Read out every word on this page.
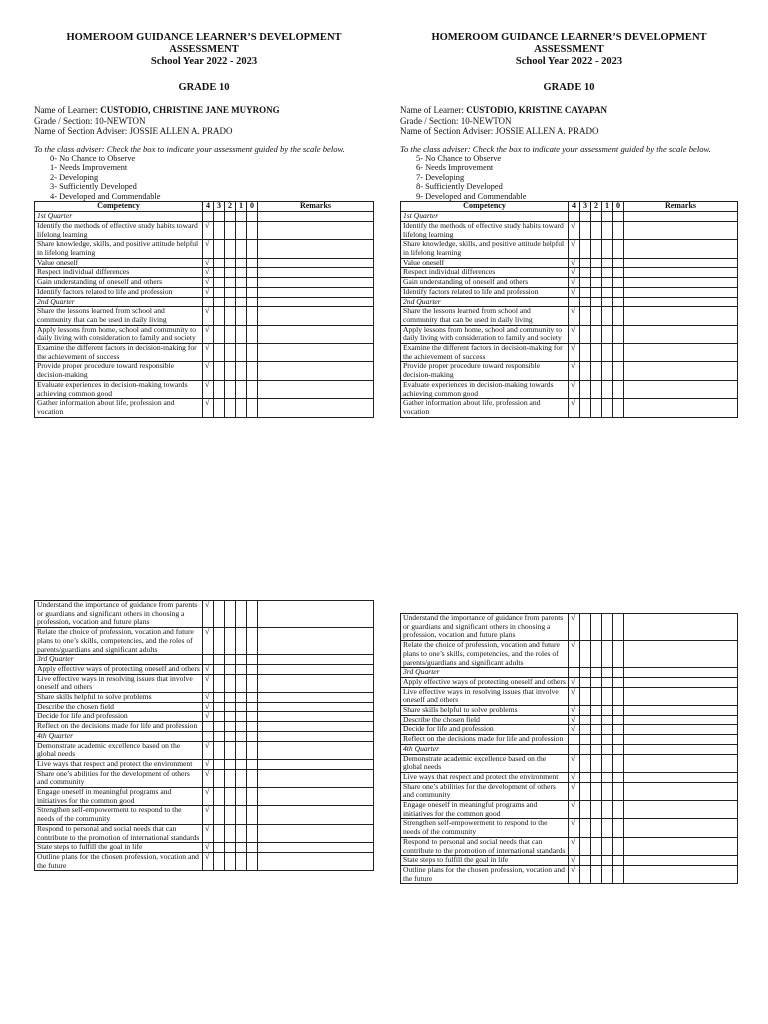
HOMEROOM GUIDANCE LEARNER’S DEVELOPMENT
ASSESSMENT
School Year 2022 - 2023
GRADE 10
Name of Learner: CUSTODIO, CHRISTINE JANE MUYRONG
Grade / Section: 10-NEWTON
Name of Section Adviser: JOSSIE ALLEN A. PRADO
To the class adviser: Check the box to indicate your assessment guided by the scale below.
0- No Chance to Observe
1- Needs Improvement
2- Developing
3- Sufficiently Developed
4- Developed and Commendable
Competency	4	3	2	1	0	Remarks
1st Quarter						
Identify the methods of effective study habits toward lifelong learning	√					
Share knowledge, skills, and positive attitude helpful in lifelong learning	√					
Value oneself	√					
Respect individual differences	√					
Gain understanding of oneself and others	√					
Identify factors related to life and profession	√					
2nd Quarter						
Share the lessons learned from school and community that can be used in daily living	√					
Apply lessons from home, school and community to daily living with consideration to family and society	√					
Examine the different factors in decision-making for the achievement of success	√					
Provide proper procedure toward responsible decision-making	√					
Evaluate experiences in decision-making towards achieving common good	√					
Gather information about life, profession and vocation	√					
HOMEROOM GUIDANCE LEARNER’S DEVELOPMENT
ASSESSMENT
School Year 2022 - 2023
GRADE 10
Name of Learner: CUSTODIO, KRISTINE CAYAPAN
Grade / Section: 10-NEWTON
Name of Section Adviser: JOSSIE ALLEN A. PRADO
To the class adviser: Check the box to indicate your assessment guided by the scale below.
5- No Chance to Observe
6- Needs Improvement
7- Developing
8- Sufficiently Developed
9- Developed and Commendable
Competency	4	3	2	1	0	Remarks
1st Quarter						
Identify the methods of effective study habits toward lifelong learning	√					
Share knowledge, skills, and positive attitude helpful in lifelong learning	√					
Value oneself	√					
Respect individual differences	√					
Gain understanding of oneself and others	√					
Identify factors related to life and profession	√					
2nd Quarter						
Share the lessons learned from school and community that can be used in daily living	√					
Apply lessons from home, school and community to daily living with consideration to family and society	√					
Examine the different factors in decision-making for the achievement of success	√					
Provide proper procedure toward responsible decision-making	√					
Evaluate experiences in decision-making towards achieving common good	√					
Gather information about life, profession and vocation	√					
Understand the importance of guidance from parents or guardians and significant others in choosing a profession, vocation and future plans	√					
Relate the choice of profession, vocation and future plans to one’s skills, competencies, and the roles of parents/guardians and significant adults	√					
3rd Quarter						
Apply effective ways of protecting oneself and others	√					
Live effective ways in resolving issues that involve oneself and others	√					
Share skills helpful to solve problems	√					
Describe the chosen field	√					
Decide for life and profession	√					
Reflect on the decisions made for life and profession						
4th Quarter						
Demonstrate academic excellence based on the global needs	√					
Live ways that respect and protect the environment	√					
Share one’s abilities for the development of others and community	√					
Engage oneself in meaningful programs and initiatives for the common good	√					
Strengthen self-empowerment to respond to the needs of the community	√					
Respond to personal and social needs that can contribute to the promotion of international standards	√					
State steps to fulfill the goal in life	√					
Outline plans for the chosen profession, vocation and the future	√					
Understand the importance of guidance from parents or guardians and significant others in choosing a profession, vocation and future plans	√					
Relate the choice of profession, vocation and future plans to one’s skills, competencies, and the roles of parents/guardians and significant adults	√					
3rd Quarter						
Apply effective ways of protecting oneself and others	√					
Live effective ways in resolving issues that involve oneself and others	√					
Share skills helpful to solve problems	√					
Describe the chosen field	√					
Decide for life and profession	√					
Reflect on the decisions made for life and profession						
4th Quarter						
Demonstrate academic excellence based on the global needs	√					
Live ways that respect and protect the environment	√					
Share one’s abilities for the development of others and community	√					
Engage oneself in meaningful programs and initiatives for the common good	√					
Strengthen self-empowerment to respond to the needs of the community	√					
Respond to personal and social needs that can contribute to the promotion of international standards	√					
State steps to fulfill the goal in life	√					
Outline plans for the chosen profession, vocation and the future	√					
